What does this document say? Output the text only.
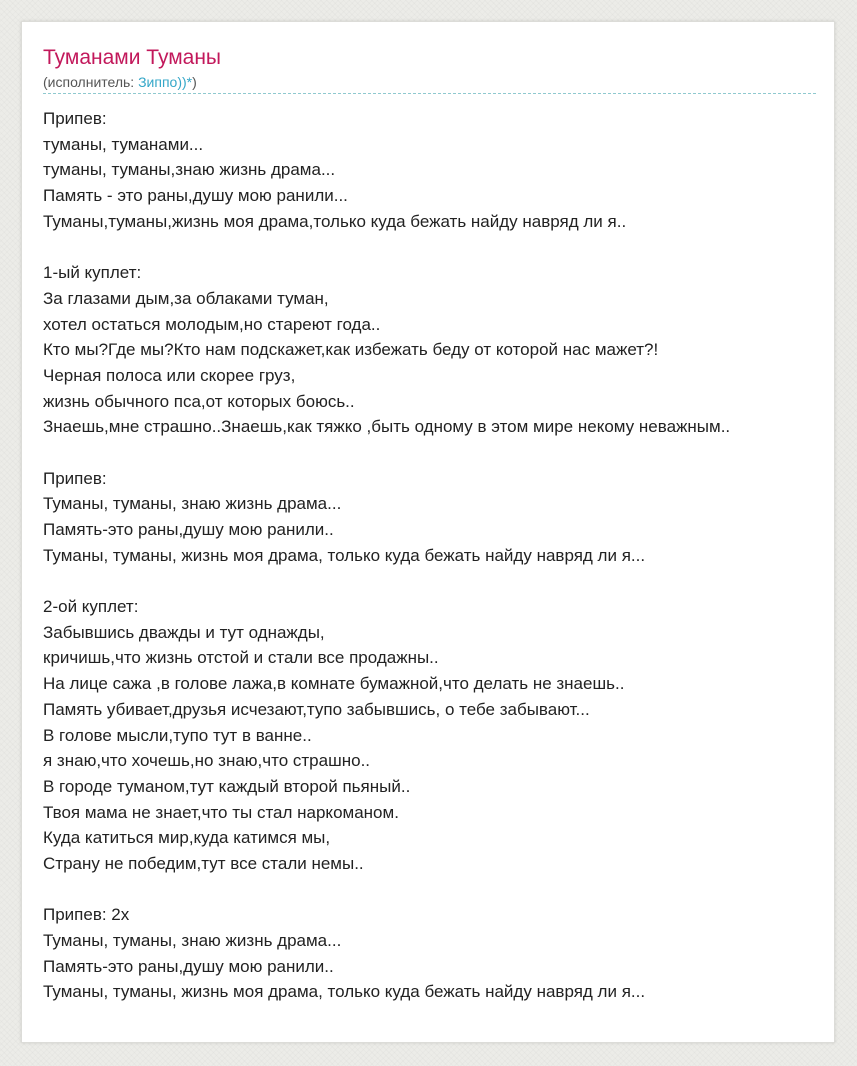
Туманами Туманы
(исполнитель: Зиппо))*)
Припев:
туманы, туманами...
туманы, туманы,знаю жизнь драма...
Память - это раны,душу мою ранили...
Туманы,туманы,жизнь моя драма,только куда бежать найду навряд ли я..
1-ый куплет:
За глазами дым,за облаками туман,
хотел остаться молодым,но стареют года..
Кто мы?Где мы?Кто нам подскажет,как избежать беду от которой нас мажет?!
Черная полоса или скорее груз,
жизнь обычного пса,от которых боюсь..
Знаешь,мне страшно..Знаешь,как тяжко ,быть одному в этом мире некому неважным..
Припев:
Туманы, туманы, знаю жизнь драма...
Память-это раны,душу мою ранили..
Туманы, туманы, жизнь моя драма, только куда бежать найду навряд ли я...
2-ой куплет:
Забывшись дважды и тут однажды,
кричишь,что жизнь отстой и стали все продажны..
На лице сажа ,в голове лажа,в комнате бумажной,что делать не знаешь..
Память убивает,друзья исчезают,тупо забывшись, о тебе забывают...
В голове мысли,тупо тут в ванне..
я знаю,что хочешь,но знаю,что страшно..
В городе туманом,тут каждый второй пьяный..
Твоя мама не знает,что ты стал наркоманом.
Куда катиться мир,куда катимся мы,
Страну не победим,тут все стали немы..
Припев: 2х
Туманы, туманы, знаю жизнь драма...
Память-это раны,душу мою ранили..
Туманы, туманы, жизнь моя драма, только куда бежать найду навряд ли я...
